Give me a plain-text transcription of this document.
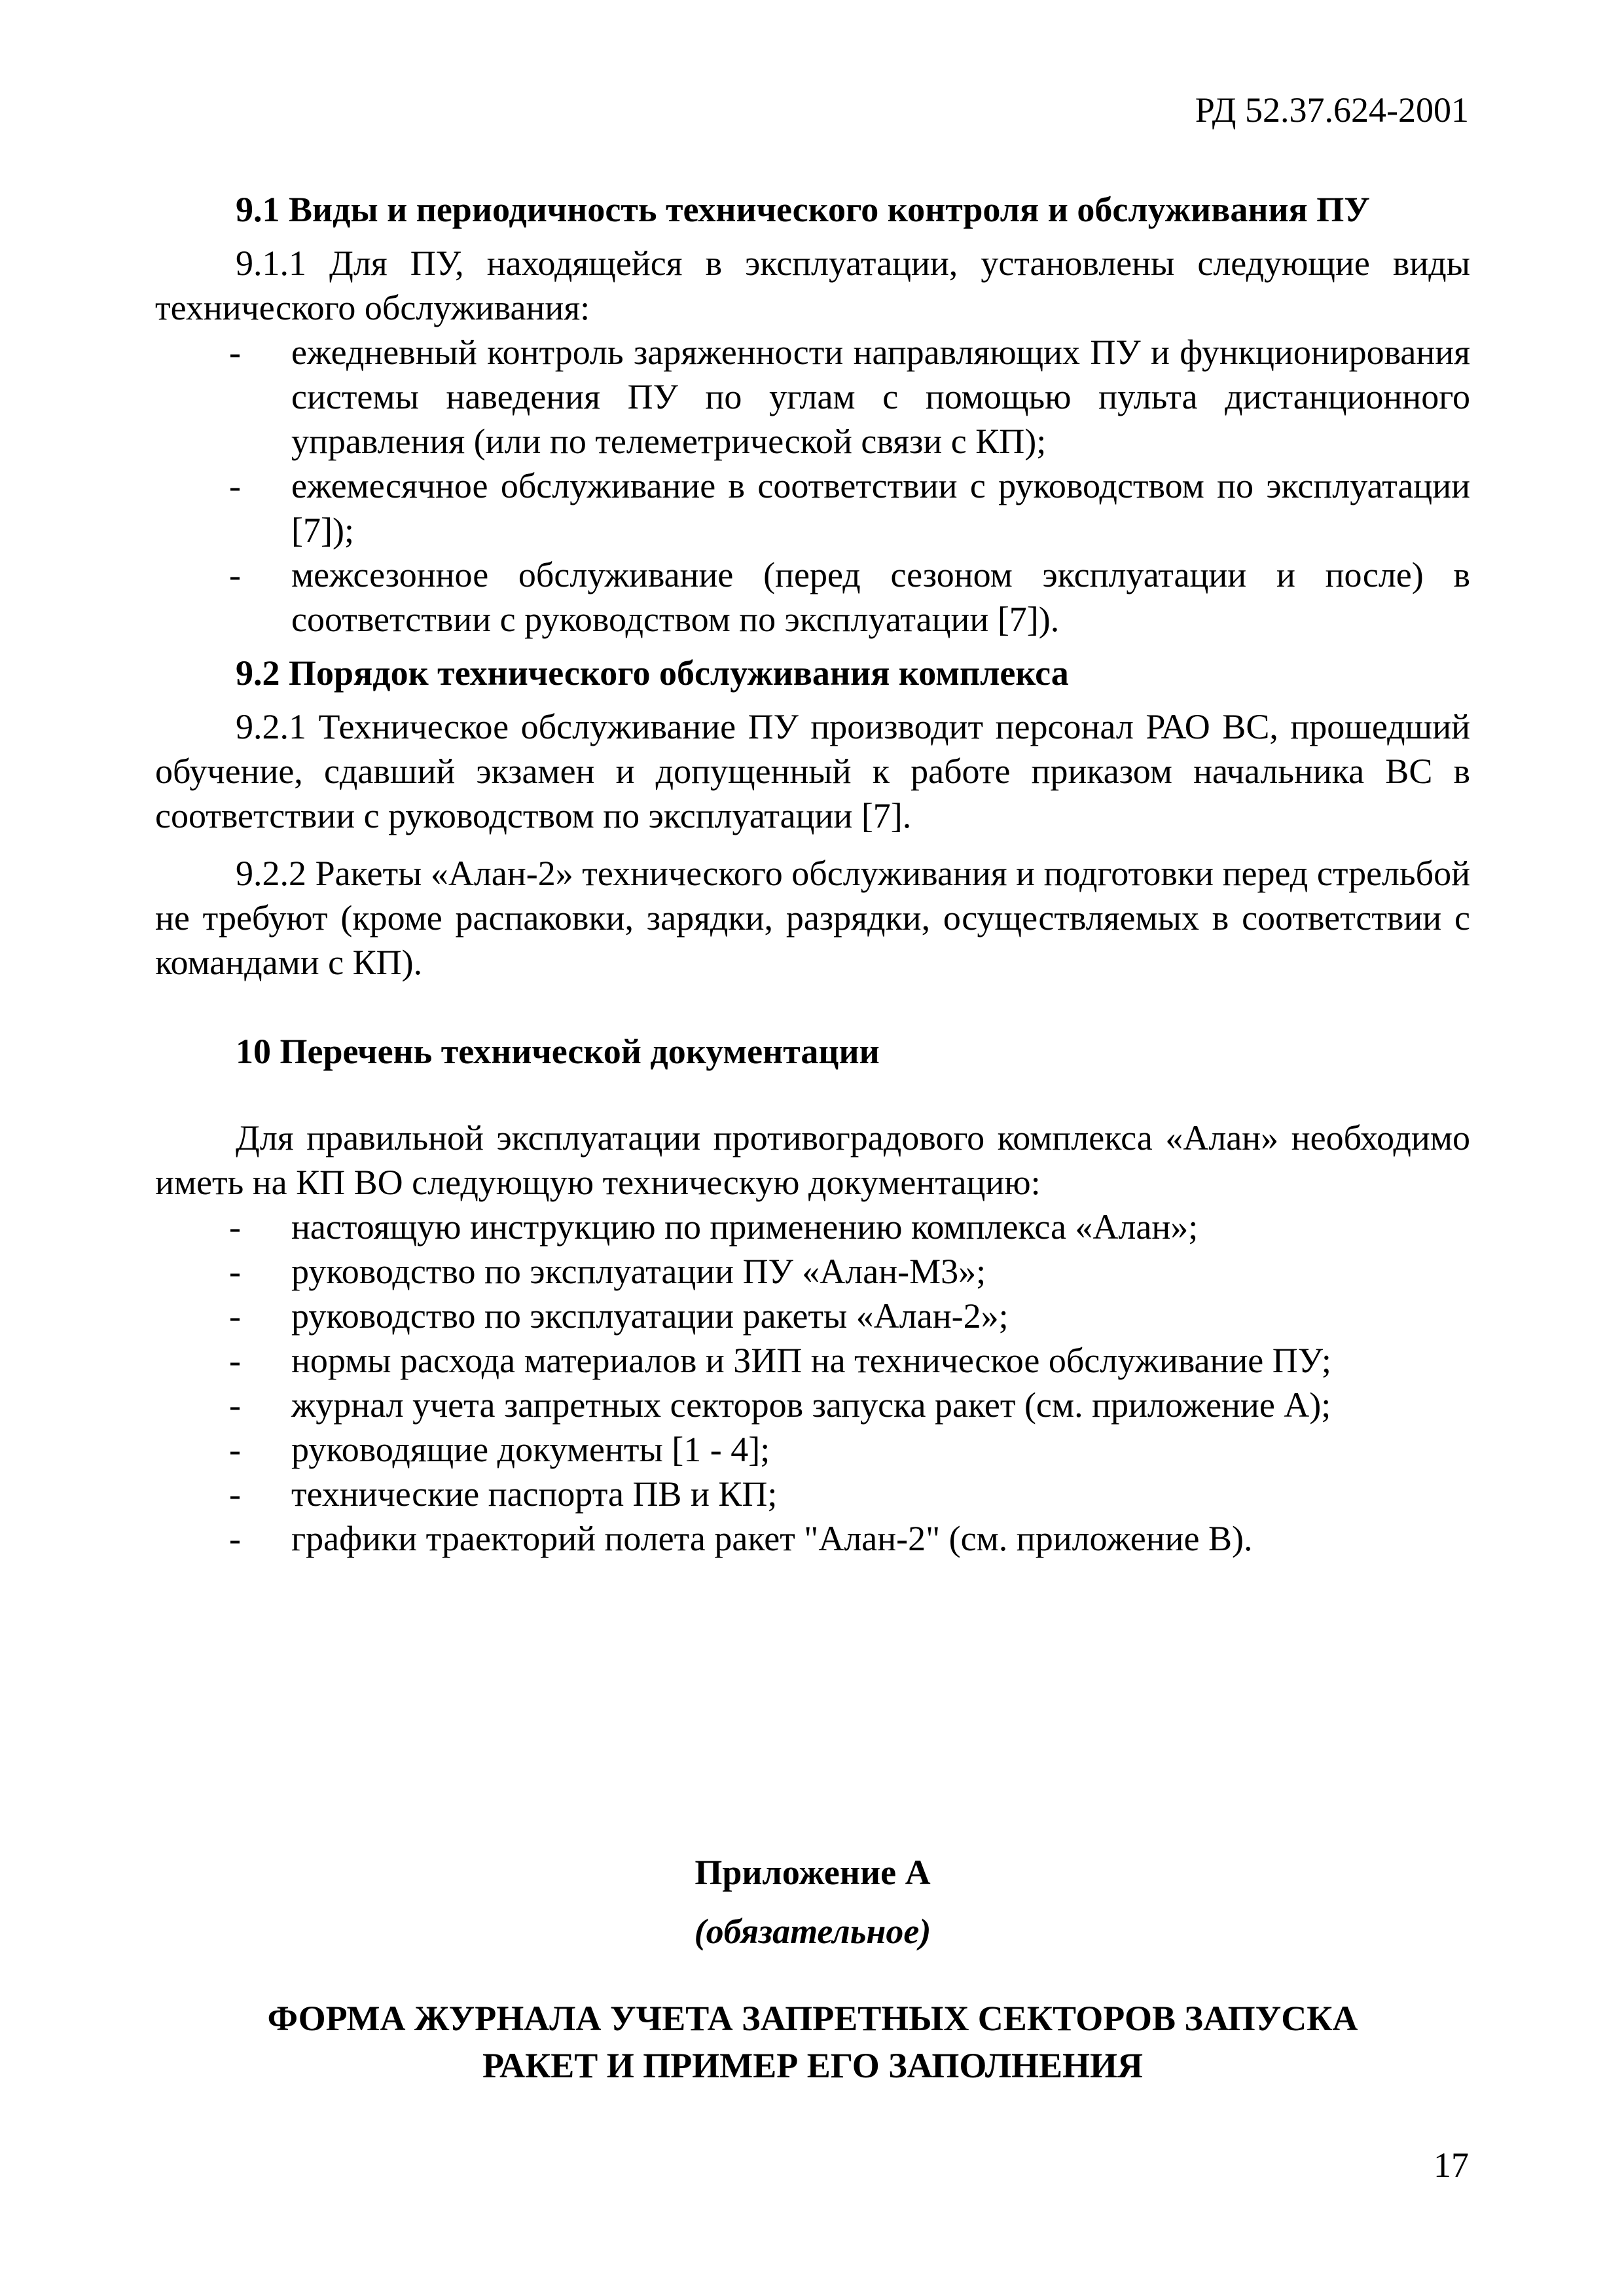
РД 52.37.624-2001

9.1 Виды и периодичность технического контроля и обслуживания ПУ

9.1.1 Для ПУ, находящейся в эксплуатации, установлены следующие виды технического обслуживания:

- ежедневный контроль заряженности направляющих ПУ и функционирования системы наведения ПУ по углам с помощью пульта дистанционного управления (или по телеметрической связи с КП);
- ежемесячное обслуживание в соответствии с руководством по эксплуатации [7]);
- межсезонное обслуживание (перед сезоном эксплуатации и после) в соответствии с руководством по эксплуатации [7]).

9.2 Порядок технического обслуживания комплекса

9.2.1 Техническое обслуживание ПУ производит персонал РАО ВС, прошедший обучение, сдавший экзамен и допущенный к работе приказом начальника ВС в соответствии с руководством по эксплуатации [7].

9.2.2 Ракеты «Алан-2» технического обслуживания и подготовки перед стрельбой не требуют (кроме распаковки, зарядки, разрядки, осуществляемых в соответствии с командами с КП).

10 Перечень технической документации

Для правильной эксплуатации противоградового комплекса «Алан» необходимо иметь на КП ВО следующую техническую документацию:

- настоящую инструкцию по применению комплекса «Алан»;
- руководство по эксплуатации ПУ «Алан-М3»;
- руководство по эксплуатации ракеты «Алан-2»;
- нормы расхода материалов и ЗИП на техническое обслуживание ПУ;
- журнал учета запретных секторов запуска ракет (см. приложение А);
- руководящие документы [1 - 4];
- технические паспорта ПВ и КП;
- графики траекторий полета ракет "Алан-2" (см. приложение В).
Приложение А
(обязательное)
ФОРМА ЖУРНАЛА УЧЕТА ЗАПРЕТНЫХ СЕКТОРОВ ЗАПУСКА
РАКЕТ И ПРИМЕР ЕГО ЗАПОЛНЕНИЯ
17
